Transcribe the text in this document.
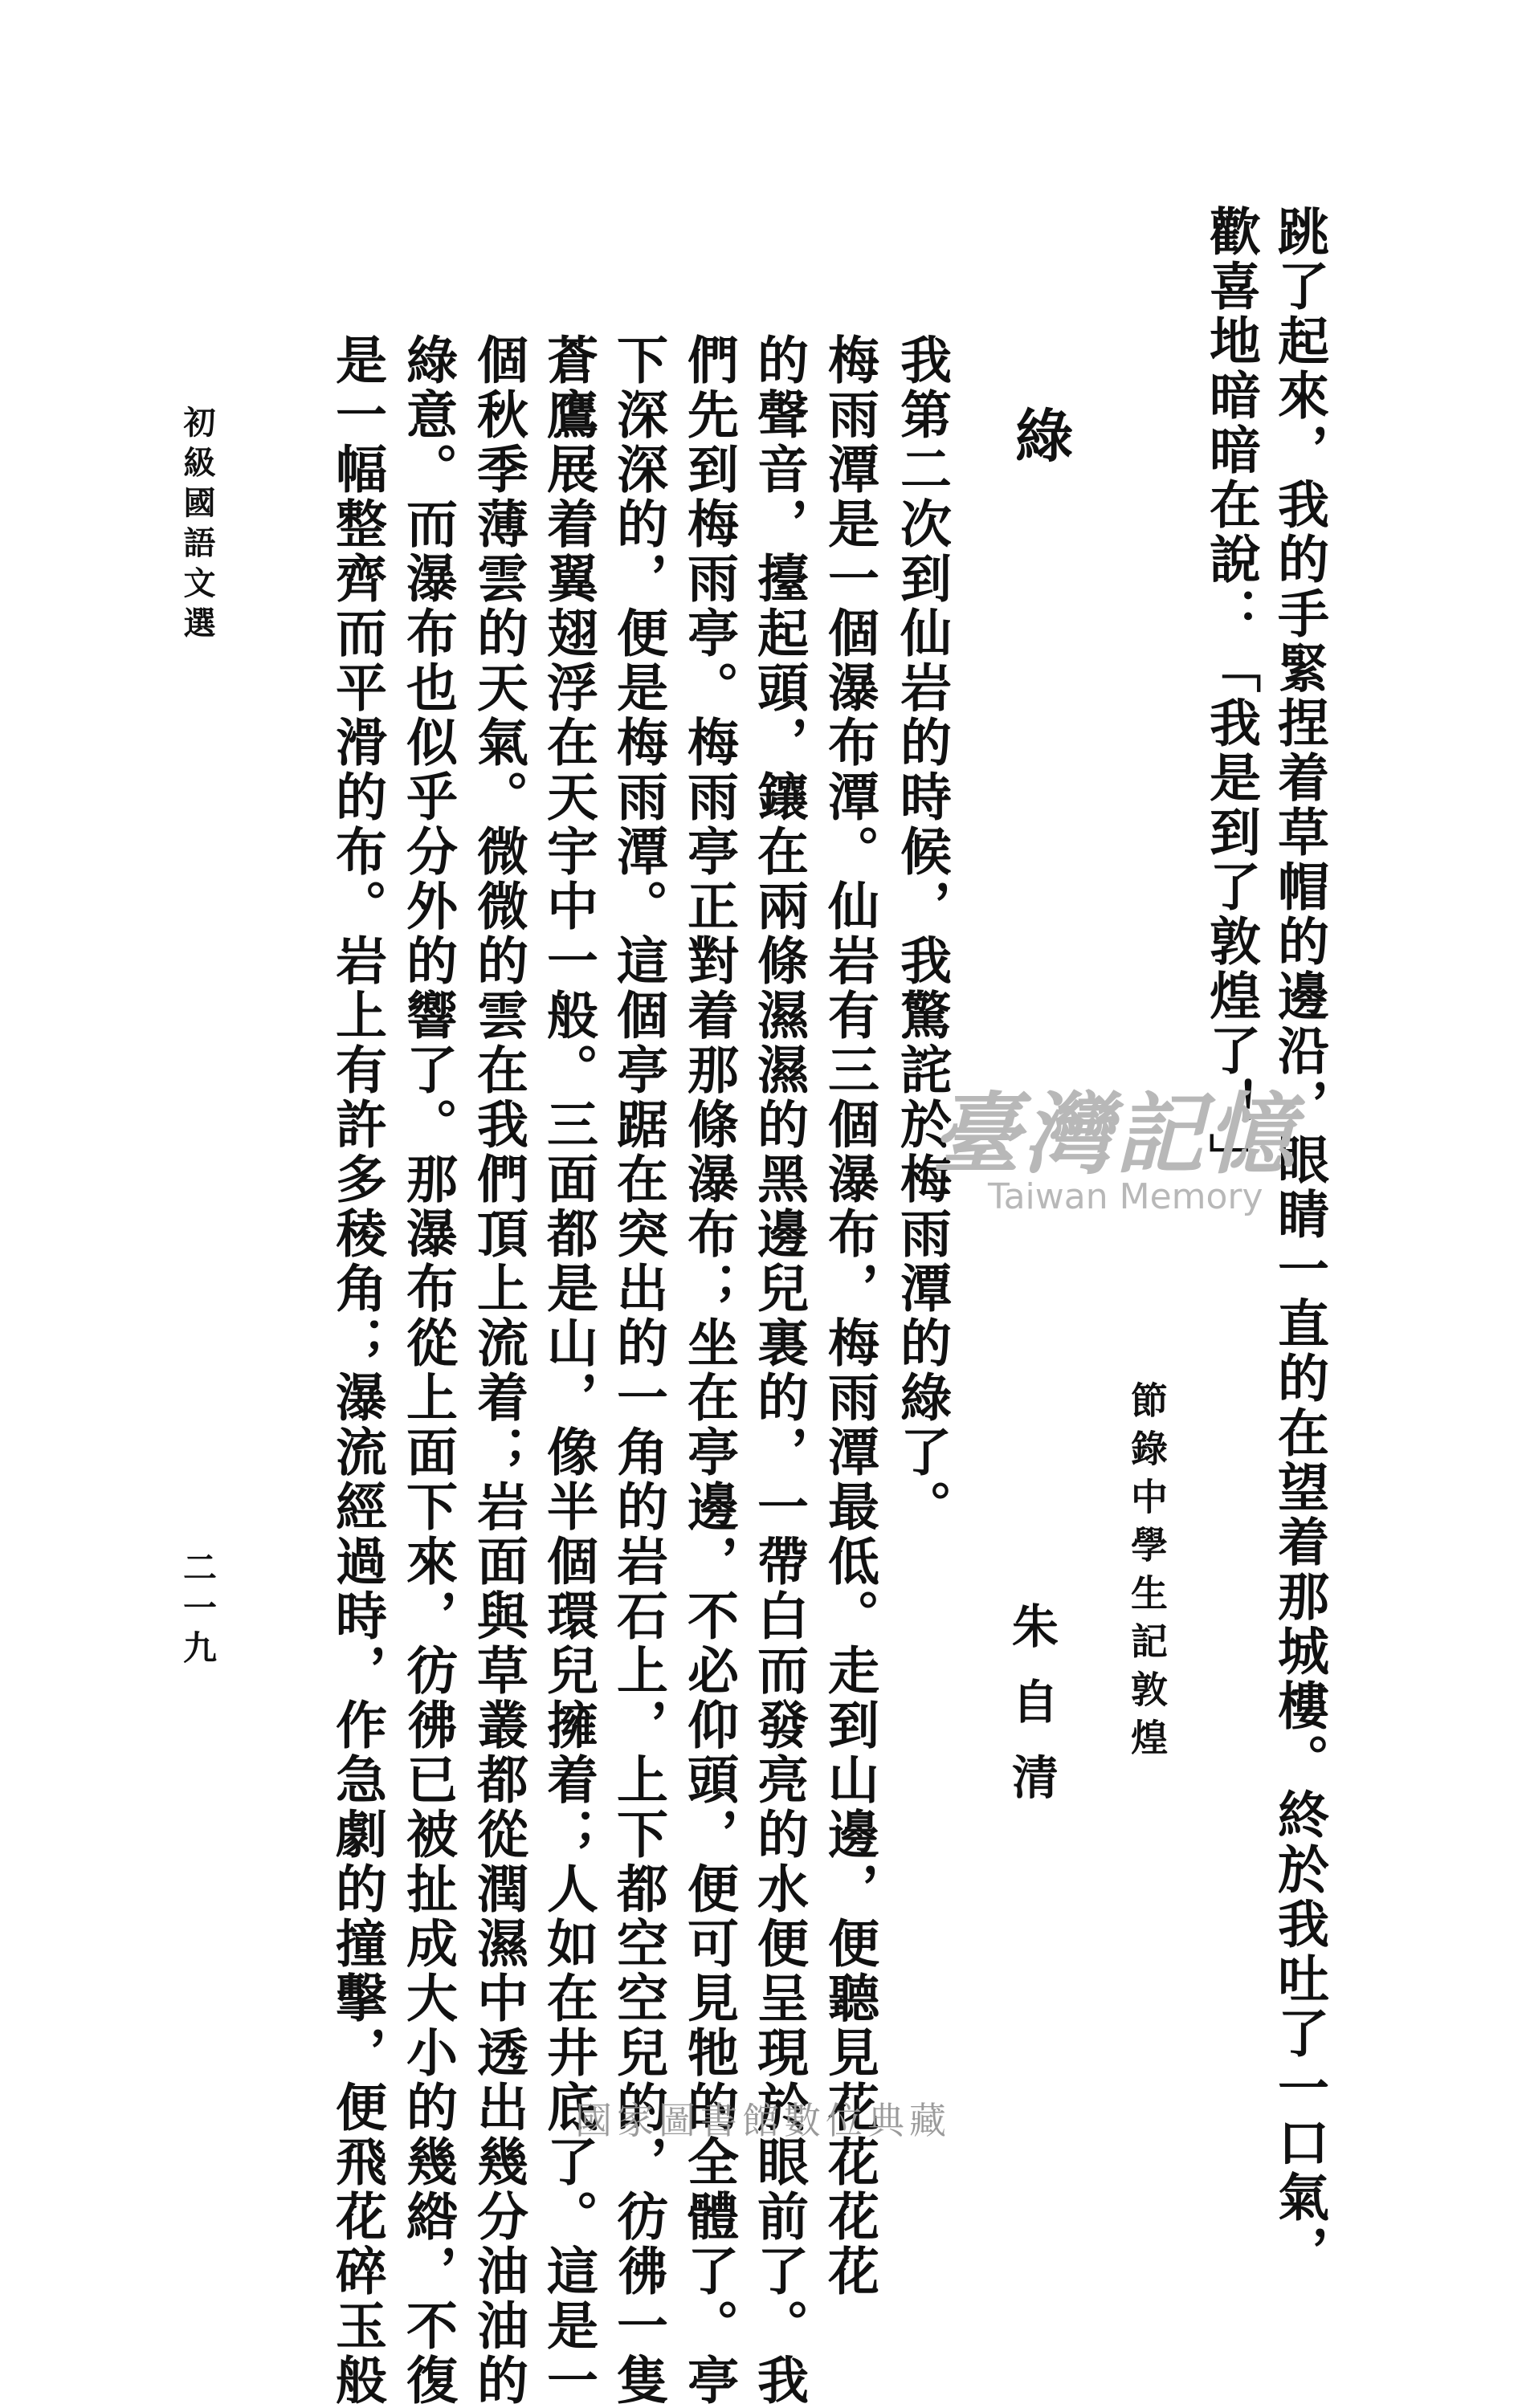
跳了起來，我的手緊捏着草帽的邊沿，眼睛一直的在望着那城樓。終於我吐了一口氣，
歡喜地暗暗在說：「我是到了敦煌了！」
節錄中學生記敦煌
綠
朱自清
我第二次到仙岩的時候，我驚詫於梅雨潭的綠了。
梅雨潭是一個瀑布潭。仙岩有三個瀑布，梅雨潭最低。走到山邊，便聽見花花花花
的聲音，擡起頭，鑲在兩條濕濕的黑邊兒裏的，一帶白而發亮的水便呈現於眼前了。我
們先到梅雨亭。梅雨亭正對着那條瀑布；坐在亭邊，不必仰頭，便可見牠的全體了。亭
下深深的，便是梅雨潭。這個亭踞在突出的一角的岩石上，上下都空空兒的，彷彿一隻
蒼鷹展着翼翅浮在天宇中一般。三面都是山，像半個環兒擁着；人如在井底了。這是一
個秋季薄雲的天氣。微微的雲在我們頂上流着；岩面與草叢都從潤濕中透出幾分油油的
綠意。而瀑布也似乎分外的響了。那瀑布從上面下來，彷彿已被扯成大小的幾綹，不復
是一幅整齊而平滑的布。岩上有許多稜角；瀑流經過時，作急劇的撞擊，便飛花碎玉般
初級國語文選
二一九
臺灣記憶
Taiwan Memory
國家圖書館數位典藏
